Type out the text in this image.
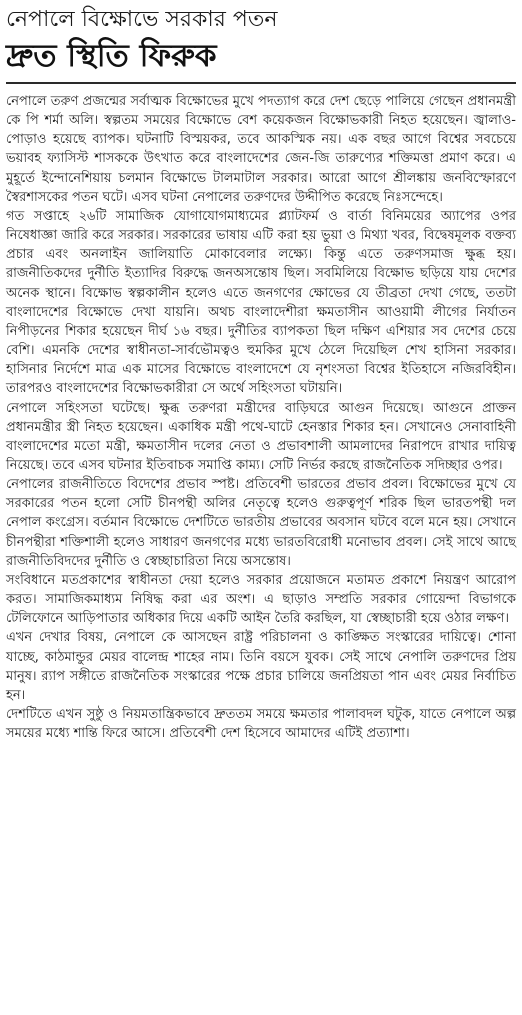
নেপালে বিক্ষোভে সরকার পতন
দ্রুত স্থিতি ফিরুক

নেপালে তরুণ প্রজন্মের সর্বাত্মক বিক্ষোভের মুখে পদত্যাগ করে দেশ ছেড়ে পালিয়ে গেছেন প্রধানমন্ত্রী কে পি শর্মা অলি। স্বল্পতম সময়ের বিক্ষোভে বেশ কয়েকজন বিক্ষোভকারী নিহত হয়েছেন। জ্বালাও-পোড়াও হয়েছে ব্যাপক। ঘটনাটি বিস্ময়কর, তবে আকস্মিক নয়। এক বছর আগে বিশ্বের সবচেয়ে ভয়াবহ ফ্যাসিস্ট শাসককে উৎখাত করে বাংলাদেশের জেন-জি তারুণ্যের শক্তিমত্তা প্রমাণ করে। এ মুহূর্তে ইন্দোনেশিয়ায় চলমান বিক্ষোভে টালমাটাল সরকার। আরো আগে শ্রীলঙ্কায় জনবিস্ফোরণে স্বৈরশাসকের পতন ঘটে। এসব ঘটনা নেপালের তরুণদের উদ্দীপিত করেছে নিঃসন্দেহে।

গত সপ্তাহে ২৬টি সামাজিক যোগাযোগমাধ্যমের প্ল্যাটফর্ম ও বার্তা বিনিময়ের অ্যাপের ওপর নিষেধাজ্ঞা জারি করে সরকার। সরকারের ভাষায় এটি করা হয় ভুয়া ও মিথ্যা খবর, বিদ্বেষমূলক বক্তব্য প্রচার এবং অনলাইন জালিয়াতি মোকাবেলার লক্ষ্যে। কিন্তু এতে তরুণসমাজ ক্ষুব্ধ হয়। রাজনীতিকদের দুর্নীতি ইত্যাদির বিরুদ্ধে জনঅসন্তোষ ছিল। সবমিলিয়ে বিক্ষোভ ছড়িয়ে যায় দেশের অনেক স্থানে। বিক্ষোভ স্বল্পকালীন হলেও এতে জনগণের ক্ষোভের যে তীব্রতা দেখা গেছে, ততটা বাংলাদেশের বিক্ষোভে দেখা যায়নি। অথচ বাংলাদেশীরা ক্ষমতাসীন আওয়ামী লীগের নির্যাতন নিপীড়নের শিকার হয়েছেন দীর্ঘ ১৬ বছর। দুর্নীতির ব্যাপকতা ছিল দক্ষিণ এশিয়ার সব দেশের চেয়ে বেশি। এমনকি দেশের স্বাধীনতা-সার্বভৌমত্বও হুমকির মুখে ঠেলে দিয়েছিল শেখ হাসিনা সরকার। হাসিনার নির্দেশে মাত্র এক মাসের বিক্ষোভে বাংলাদেশে যে নৃশংসতা বিশ্বের ইতিহাসে নজিরবিহীন। তারপরও বাংলাদেশের বিক্ষোভকারীরা সে অর্থে সহিংসতা ঘটায়নি।

নেপালে সহিংসতা ঘটেছে। ক্ষুব্ধ তরুণরা মন্ত্রীদের বাড়িঘরে আগুন দিয়েছে। আগুনে প্রাক্তন প্রধানমন্ত্রীর স্ত্রী নিহত হয়েছেন। একাধিক মন্ত্রী পথে-ঘাটে হেনস্তার শিকার হন। সেখানেও সেনাবাহিনী বাংলাদেশের মতো মন্ত্রী, ক্ষমতাসীন দলের নেতা ও প্রভাবশালী আমলাদের নিরাপদে রাখার দায়িত্ব নিয়েছে। তবে এসব ঘটনার ইতিবাচক সমাপ্তি কাম্য। সেটি নির্ভর করছে রাজনৈতিক সদিচ্ছার ওপর।

নেপালের রাজনীতিতে বিদেশের প্রভাব স্পষ্ট। প্রতিবেশী ভারতের প্রভাব প্রবল। বিক্ষোভের মুখে যে সরকারের পতন হলো সেটি চীনপন্থী অলির নেতৃত্বে হলেও গুরুত্বপূর্ণ শরিক ছিল ভারতপন্থী দল নেপাল কংগ্রেস। বর্তমান বিক্ষোভে দেশটিতে ভারতীয় প্রভাবের অবসান ঘটবে বলে মনে হয়। সেখানে চীনপন্থীরা শক্তিশালী হলেও সাধারণ জনগণের মধ্যে ভারতবিরোধী মনোভাব প্রবল। সেই সাথে আছে রাজনীতিবিদদের দুর্নীতি ও স্বেচ্ছাচারিতা নিয়ে অসন্তোষ।

সংবিধানে মতপ্রকাশের স্বাধীনতা দেয়া হলেও সরকার প্রয়োজনে মতামত প্রকাশে নিয়ন্ত্রণ আরোপ করত। সামাজিকমাধ্যম নিষিদ্ধ করা এর অংশ। এ ছাড়াও সম্প্রতি সরকার গোয়েন্দা বিভাগকে টেলিফোনে আড়িপাতার অধিকার দিয়ে একটি আইন তৈরি করছিল, যা স্বেচ্ছাচারী হয়ে ওঠার লক্ষণ।

এখন দেখার বিষয়, নেপালে কে আসছেন রাষ্ট্র পরিচালনা ও কাঙ্ক্ষিত সংস্কারের দায়িত্বে। শোনা যাচ্ছে, কাঠমান্ডুর মেয়র বালেন্দ্র শাহের নাম। তিনি বয়সে যুবক। সেই সাথে নেপালি তরুণদের প্রিয় মানুষ। র‍্যাপ সঙ্গীতে রাজনৈতিক সংস্কারের পক্ষে প্রচার চালিয়ে জনপ্রিয়তা পান এবং মেয়র নির্বাচিত হন।

দেশটিতে এখন সুষ্ঠু ও নিয়মতান্ত্রিকভাবে দ্রুততম সময়ে ক্ষমতার পালাবদল ঘটুক, যাতে নেপালে অল্প সময়ের মধ্যে শান্তি ফিরে আসে। প্রতিবেশী দেশ হিসেবে আমাদের এটিই প্রত্যাশা।
